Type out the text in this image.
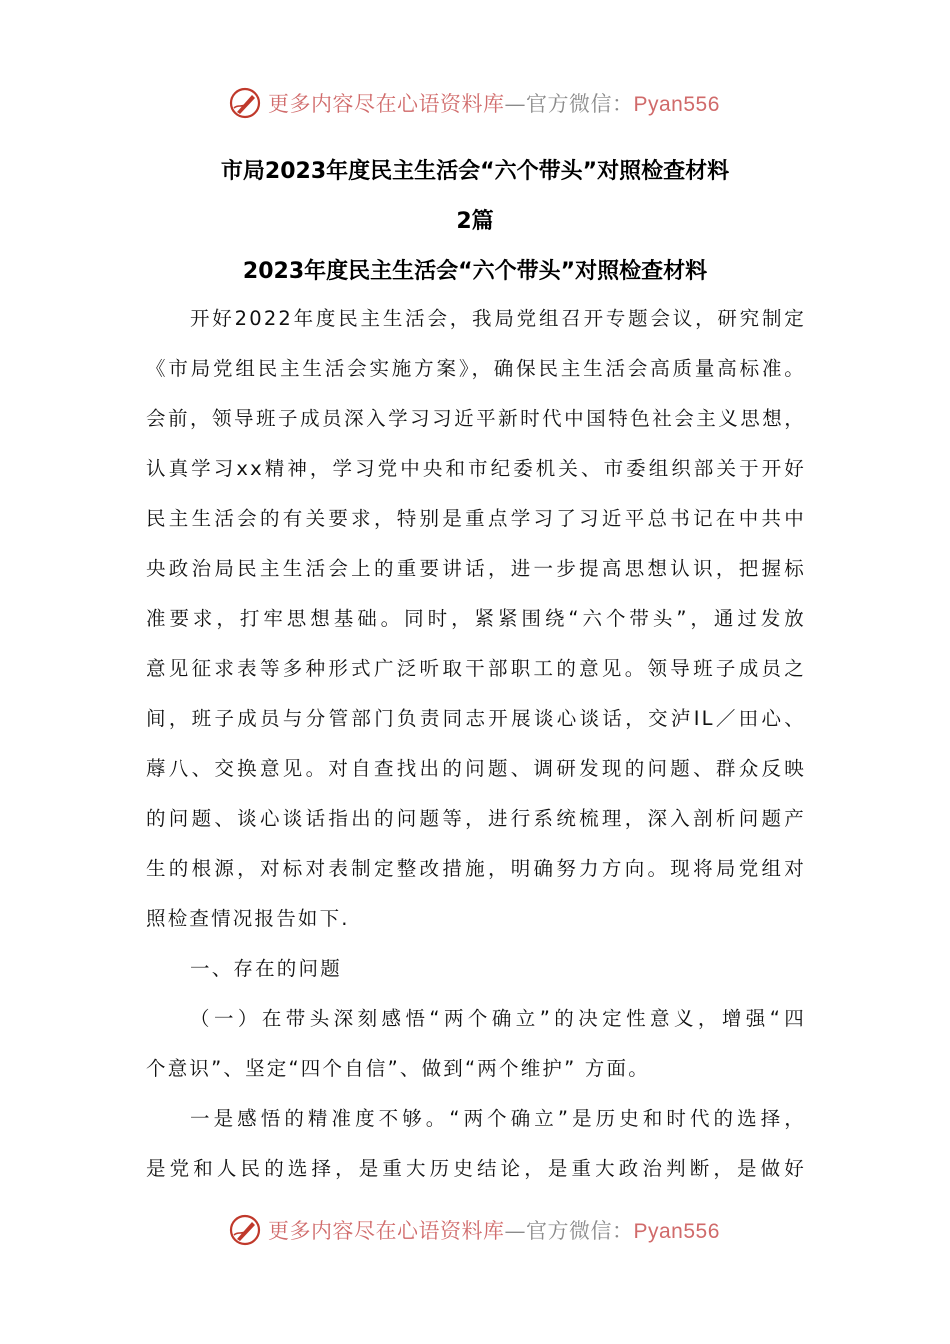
更多内容尽在心语资料库—官方微信：Pyan556
市局2023年度民主生活会“六个带头”对照检查材料
2篇
2023年度民主生活会“六个带头”对照检查材料
开好2022年度民主生活会，我局党组召开专题会议，研究制定
《市局党组民主生活会实施方案》，确保民主生活会高质量高标准。
会前，领导班子成员深入学习习近平新时代中国特色社会主义思想，
认真学习xx精神，学习党中央和市纪委机关、市委组织部关于开好
民主生活会的有关要求，特别是重点学习了习近平总书记在中共中
央政治局民主生活会上的重要讲话，进一步提高思想认识，把握标
准要求，打牢思想基础。同时，紧紧围绕“六个带头”，通过发放
意见征求表等多种形式广泛听取干部职工的意见。领导班子成员之
间，班子成员与分管部门负责同志开展谈心谈话，交泸IL／田心、
蓐八、交换意见。对自查找出的问题、调研发现的问题、群众反映
的问题、谈心谈话指出的问题等，进行系统梳理，深入剖析问题产
生的根源，对标对表制定整改措施，明确努力方向。现将局党组对
照检查情况报告如下.
一、存在的问题
（一）在带头深刻感悟“两个确立”的决定性意义，增强“四
个意识”、坚定“四个自信”、做到“两个维护” 方面。
一是感悟的精准度不够。“两个确立”是历史和时代的选择，
是党和人民的选择，是重大历史结论，是重大政治判断，是做好
更多内容尽在心语资料库—官方微信：Pyan556
